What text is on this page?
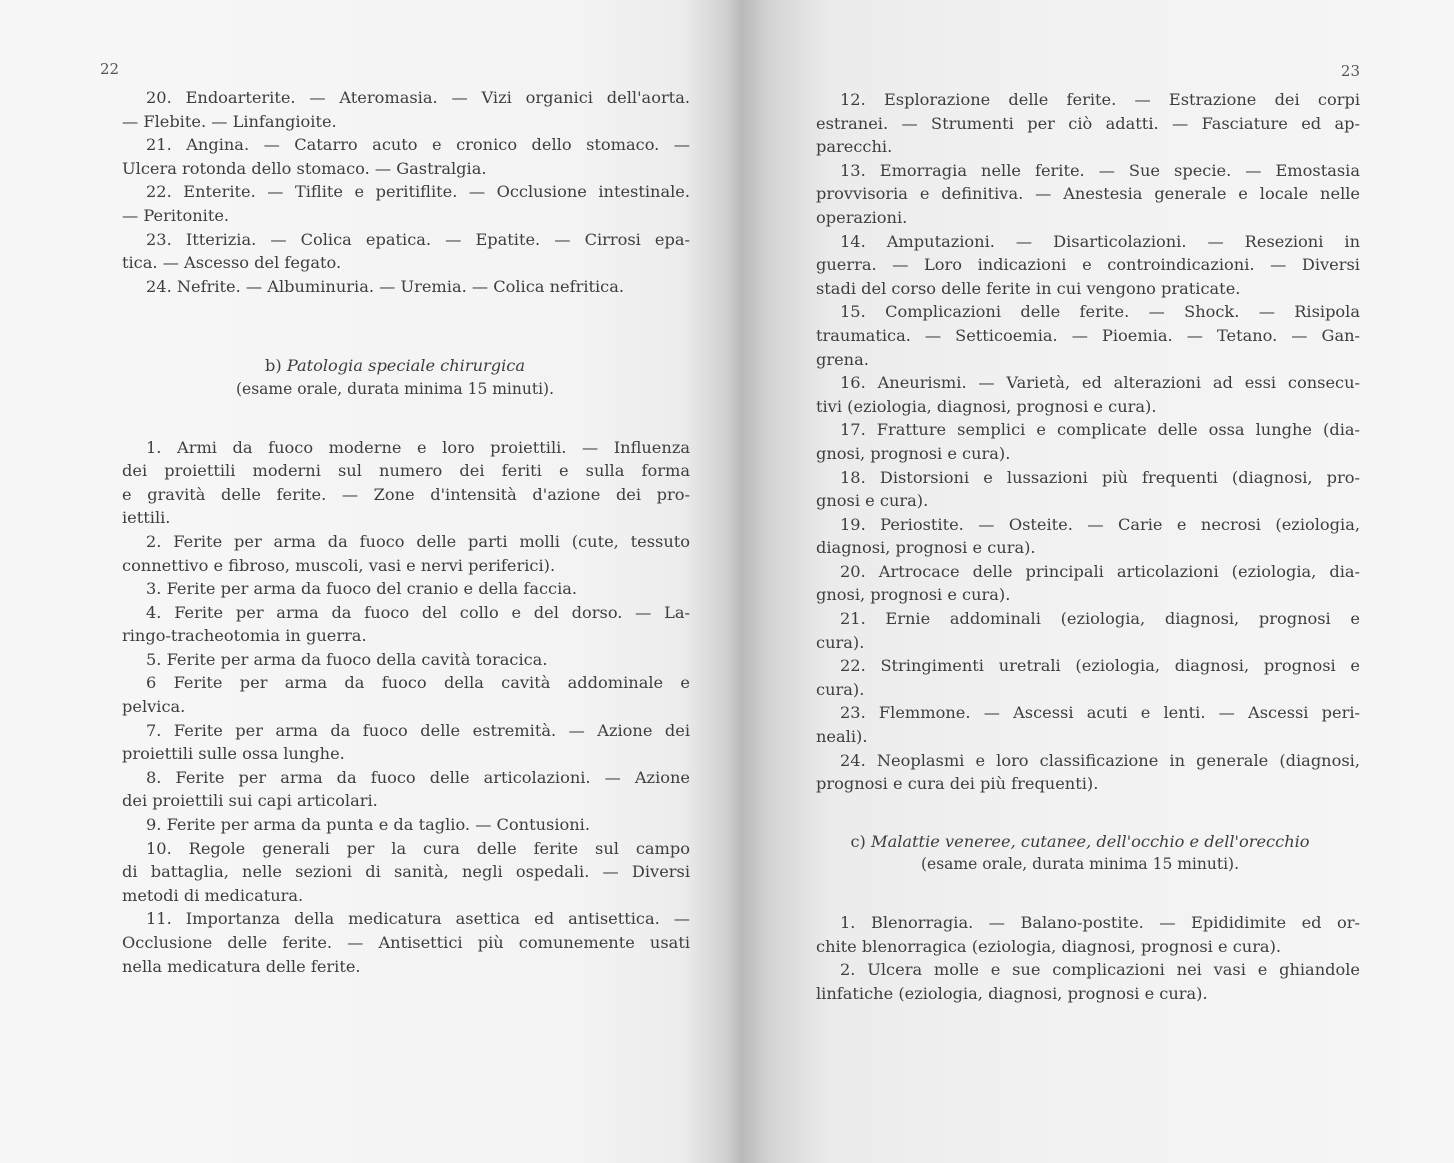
22
20. Endoarterite. — Ateromasia. — Vizi organici dell'aorta.
— Flebite. — Linfangioite.
21. Angina. — Catarro acuto e cronico dello stomaco. —
Ulcera rotonda dello stomaco. — Gastralgia.
22. Enterite. — Tiflite e peritiflite. — Occlusione intestinale.
— Peritonite.
23. Itterizia. — Colica epatica. — Epatite. — Cirrosi epa-
tica. — Ascesso del fegato.
24. Nefrite. — Albuminuria. — Uremia. — Colica nefritica.
b) Patologia speciale chirurgica
(esame orale, durata minima 15 minuti).
1. Armi da fuoco moderne e loro proiettili. — Influenza
dei proiettili moderni sul numero dei feriti e sulla forma
e gravità delle ferite. — Zone d'intensità d'azione dei pro-
iettili.
2. Ferite per arma da fuoco delle parti molli (cute, tessuto
connettivo e fibroso, muscoli, vasi e nervi periferici).
3. Ferite per arma da fuoco del cranio e della faccia.
4. Ferite per arma da fuoco del collo e del dorso. — La-
ringo-tracheotomia in guerra.
5. Ferite per arma da fuoco della cavità toracica.
6 Ferite per arma da fuoco della cavità addominale e
pelvica.
7. Ferite per arma da fuoco delle estremità. — Azione dei
proiettili sulle ossa lunghe.
8. Ferite per arma da fuoco delle articolazioni. — Azione
dei proiettili sui capi articolari.
9. Ferite per arma da punta e da taglio. — Contusioni.
10. Regole generali per la cura delle ferite sul campo
di battaglia, nelle sezioni di sanità, negli ospedali. — Diversi
metodi di medicatura.
11. Importanza della medicatura asettica ed antisettica. —
Occlusione delle ferite. — Antisettici più comunemente usati
nella medicatura delle ferite.
23
12. Esplorazione delle ferite. — Estrazione dei corpi
estranei. — Strumenti per ciò adatti. — Fasciature ed ap-
parecchi.
13. Emorragia nelle ferite. — Sue specie. — Emostasia
provvisoria e definitiva. — Anestesia generale e locale nelle
operazioni.
14. Amputazioni. — Disarticolazioni. — Resezioni in
guerra. — Loro indicazioni e controindicazioni. — Diversi
stadi del corso delle ferite in cui vengono praticate.
15. Complicazioni delle ferite. — Shock. — Risipola
traumatica. — Setticoemia. — Pioemia. — Tetano. — Gan-
grena.
16. Aneurismi. — Varietà, ed alterazioni ad essi consecu-
tivi (eziologia, diagnosi, prognosi e cura).
17. Fratture semplici e complicate delle ossa lunghe (dia-
gnosi, prognosi e cura).
18. Distorsioni e lussazioni più frequenti (diagnosi, pro-
gnosi e cura).
19. Periostite. — Osteite. — Carie e necrosi (eziologia,
diagnosi, prognosi e cura).
20. Artrocace delle principali articolazioni (eziologia, dia-
gnosi, prognosi e cura).
21. Ernie addominali (eziologia, diagnosi, prognosi e
cura).
22. Stringimenti uretrali (eziologia, diagnosi, prognosi e
cura).
23. Flemmone. — Ascessi acuti e lenti. — Ascessi peri-
neali).
24. Neoplasmi e loro classificazione in generale (diagnosi,
prognosi e cura dei più frequenti).
c) Malattie veneree, cutanee, dell'occhio e dell'orecchio
(esame orale, durata minima 15 minuti).
1. Blenorragia. — Balano-postite. — Epididimite ed or-
chite blenorragica (eziologia, diagnosi, prognosi e cura).
2. Ulcera molle e sue complicazioni nei vasi e ghiandole
linfatiche (eziologia, diagnosi, prognosi e cura).
